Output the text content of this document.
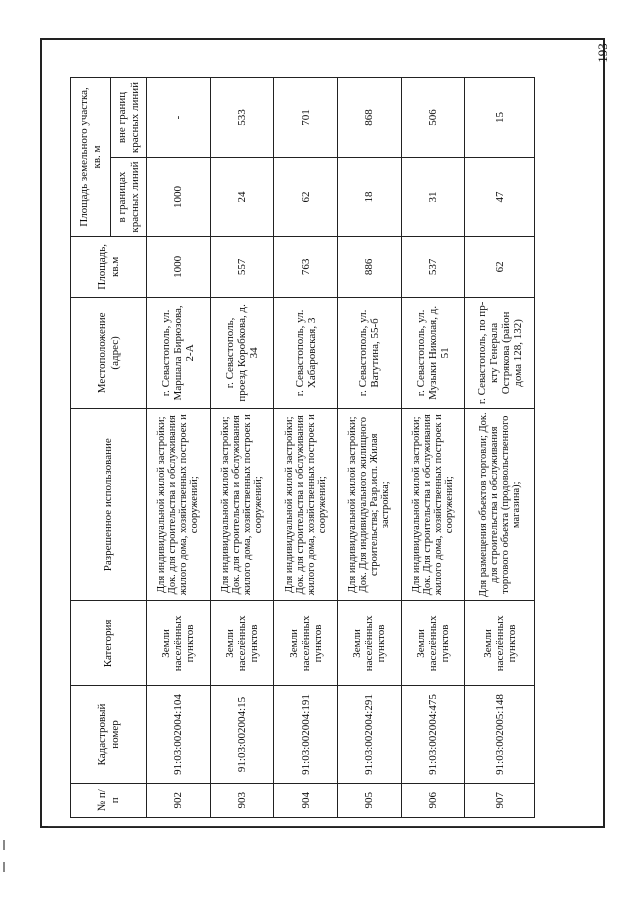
193
№ п/п	Кадастровый номер	Категория	Разрешенное использование	Местоположение (адрес)	Площадь, кв.м	Площадь земельного участка, кв. м	
						в границах красных линий	вне границ красных линий
902	91:03:002004:104	Земли населённых пунктов	Для индивидуальной жилой застройки; Док. для строительства и обслуживания жилого дома, хозяйственных построек и сооружений;	г. Севастополь, ул. Маршала Бирюзова, 2-А	1000	1000	-
903	91:03:002004:15	Земли населённых пунктов	Для индивидуальной жилой застройки; Док. для строительства и обслуживания жилого дома, хозяйственных построек и сооружений;	г. Севастополь, проезд Коробкова, д. 34	557	24	533
904	91:03:002004:191	Земли населённых пунктов	Для индивидуальной жилой застройки; Док. для строительства и обслуживания жилого дома, хозяйственных построек и сооружений;	г. Севастополь, ул. Хабаровская, 3	763	62	701
905	91:03:002004:291	Земли населённых пунктов	Для индивидуальной жилой застройки; Док. Для индивидуального жилищного строительства; Разр.исп. Жилая застройка;	г. Севастополь, ул. Ватутина, 55-б	886	18	868
906	91:03:002004:475	Земли населённых пунктов	Для индивидуальной жилой застройки; Док. Для строительства и обслуживания жилого дома, хозяйственных построек и сооружений;	г. Севастополь, ул. Музыки Николая, д. 51	537	31	506
907	91:03:002005:148	Земли населённых пунктов	Для размещения объектов торговли; Док. для строительства и обслуживания торгового объекта (продовольственного магазина);	г. Севастополь, по пр-кту Генерала Острякова (район дома 128, 132)	62	47	15
